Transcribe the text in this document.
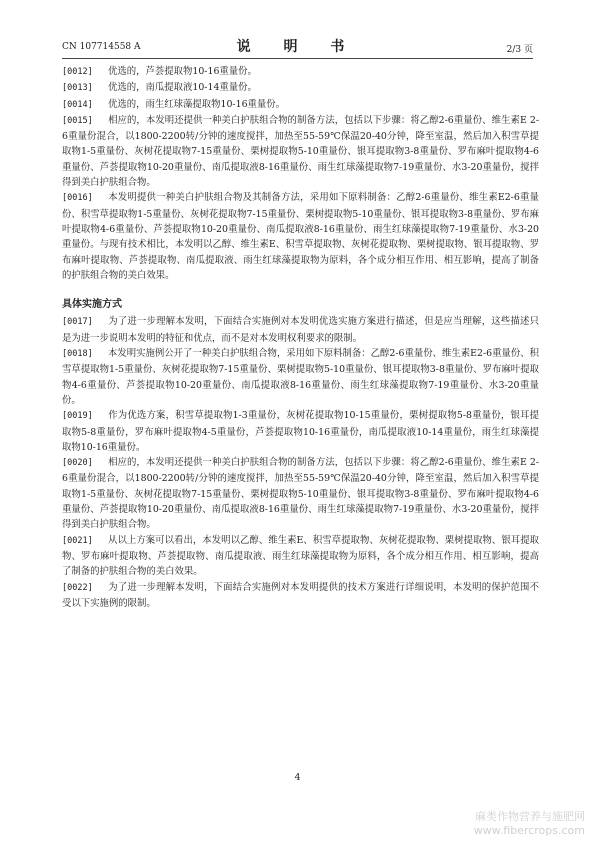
CN 107714558 A	说 明 书	2/3 页

[0012] 优选的，芦荟提取物10-16重量份。

[0013] 优选的，南瓜提取液10-14重量份。

[0014] 优选的，雨生红球藻提取物10-16重量份。

[0015] 相应的，本发明还提供一种美白护肤组合物的制备方法，包括以下步骤：将乙醇2-6重量份、维生素E 2-6重量份混合，以1800-2200转/分钟的速度搅拌，加热至55-59℃保温20-40分钟，降至室温，然后加入积雪草提取物1-5重量份、灰树花提取物7-15重量份、栗树提取物5-10重量份、银耳提取物3-8重量份、罗布麻叶提取物4-6重量份、芦荟提取物10-20重量份、南瓜提取液8-16重量份、雨生红球藻提取物7-19重量份、水3-20重量份，搅拌得到美白护肤组合物。

[0016] 本发明提供一种美白护肤组合物及其制备方法，采用如下原料制备：乙醇2-6重量份、维生素E2-6重量份、积雪草提取物1-5重量份、灰树花提取物7-15重量份、栗树提取物5-10重量份、银耳提取物3-8重量份、罗布麻叶提取物4-6重量份、芦荟提取物10-20重量份、南瓜提取液8-16重量份、雨生红球藻提取物7-19重量份、水3-20重量份。与现有技术相比，本发明以乙醇、维生素E、积雪草提取物、灰树花提取物、栗树提取物、银耳提取物、罗布麻叶提取物、芦荟提取物、南瓜提取液、雨生红球藻提取物为原料，各个成分相互作用、相互影响，提高了制备的护肤组合物的美白效果。

具体实施方式

[0017] 为了进一步理解本发明，下面结合实施例对本发明优选实施方案进行描述，但是应当理解，这些描述只是为进一步说明本发明的特征和优点，而不是对本发明权利要求的限制。

[0018] 本发明实施例公开了一种美白护肤组合物，采用如下原料制备：乙醇2-6重量份、维生素E2-6重量份、积雪草提取物1-5重量份、灰树花提取物7-15重量份、栗树提取物5-10重量份、银耳提取物3-8重量份、罗布麻叶提取物4-6重量份、芦荟提取物10-20重量份、南瓜提取液8-16重量份、雨生红球藻提取物7-19重量份、水3-20重量份。

[0019] 作为优选方案，积雪草提取物1-3重量份，灰树花提取物10-15重量份，栗树提取物5-8重量份，银耳提取物5-8重量份，罗布麻叶提取物4-5重量份，芦荟提取物10-16重量份，南瓜提取液10-14重量份，雨生红球藻提取物10-16重量份。

[0020] 相应的，本发明还提供一种美白护肤组合物的制备方法，包括以下步骤：将乙醇2-6重量份、维生素E 2-6重量份混合，以1800-2200转/分钟的速度搅拌，加热至55-59℃保温20-40分钟，降至室温，然后加入积雪草提取物1-5重量份、灰树花提取物7-15重量份、栗树提取物5-10重量份、银耳提取物3-8重量份、罗布麻叶提取物4-6重量份、芦荟提取物10-20重量份、南瓜提取液8-16重量份、雨生红球藻提取物7-19重量份、水3-20重量份，搅拌得到美白护肤组合物。

[0021] 从以上方案可以看出，本发明以乙醇、维生素E、积雪草提取物、灰树花提取物、栗树提取物、银耳提取物、罗布麻叶提取物、芦荟提取物、南瓜提取液、雨生红球藻提取物为原料，各个成分相互作用、相互影响，提高了制备的护肤组合物的美白效果。

[0022] 为了进一步理解本发明，下面结合实施例对本发明提供的技术方案进行详细说明，本发明的保护范围不受以下实施例的限制。

4
麻类作物营养与施肥网
www.fibercrops.com
